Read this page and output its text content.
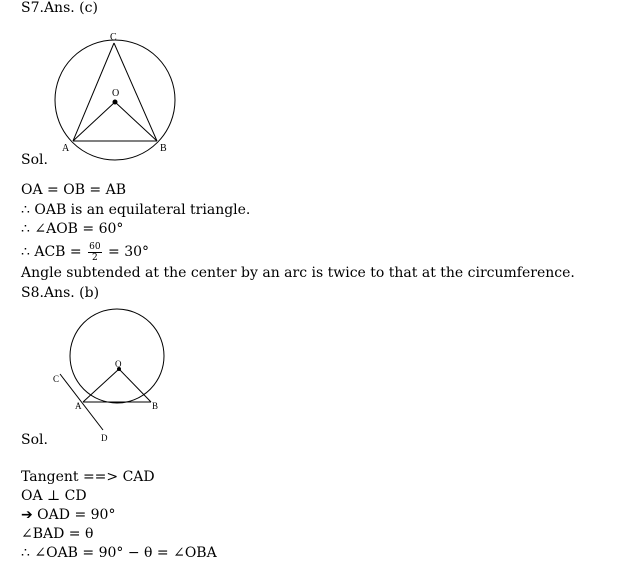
S7.Ans. (c)
C
O
A	B
O
C
A	B
D
Sol.
OA = OB = AB
∴ OAB is an equilateral triangle.
∴ ∠AOB = 60°
∴ ACB = $\frac{60}{2} = 30^\circ$
Angle subtended at the center by an arc is twice to that at the circumference.
S8.Ans. (b)
Sol.
Tangent ==> CAD
OA ⊥ CD
➔ OAD = 90°
∠BAD = θ
∴ ∠OAB = 90° − θ = ∠OBA
